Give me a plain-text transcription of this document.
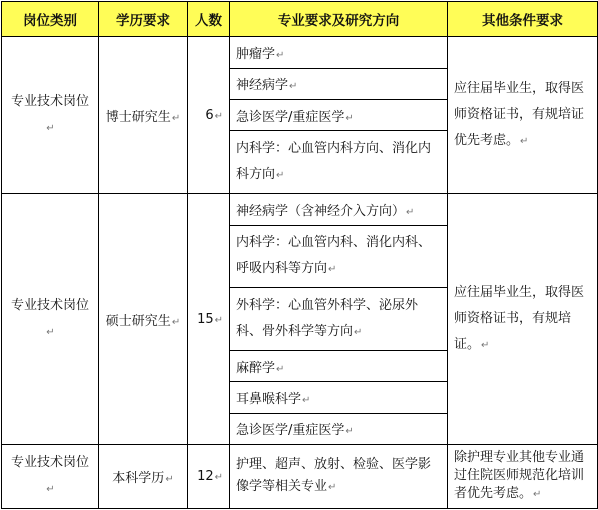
岗位类别	学历要求	人数	专业要求及研究方向	其他条件要求
专业技术岗位↵	博士研究生↵	6↵	肿瘤学↵	应往届毕业生，取得医师资格证书，有规培证优先考虑。↵
			神经病学↵	
			急诊医学/重症医学↵	
			内科学：心血管内科方向、消化内科方向↵	
专业技术岗位↵	硕士研究生↵	15↵	神经病学（含神经介入方向）↵	应往届毕业生，取得医师资格证书，有规培证。↵
			内科学：心血管内科、消化内科、呼吸内科等方向↵	
			外科学：心血管外科学、泌尿外科、骨外科学等方向↵	
			麻醉学↵	
			耳鼻喉科学↵	
			急诊医学/重症医学↵	
专业技术岗位↵	本科学历↵	12↵	护理、超声、放射、检验、医学影像学等相关专业↵	除护理专业其他专业通过住院医师规范化培训者优先考虑。↵
